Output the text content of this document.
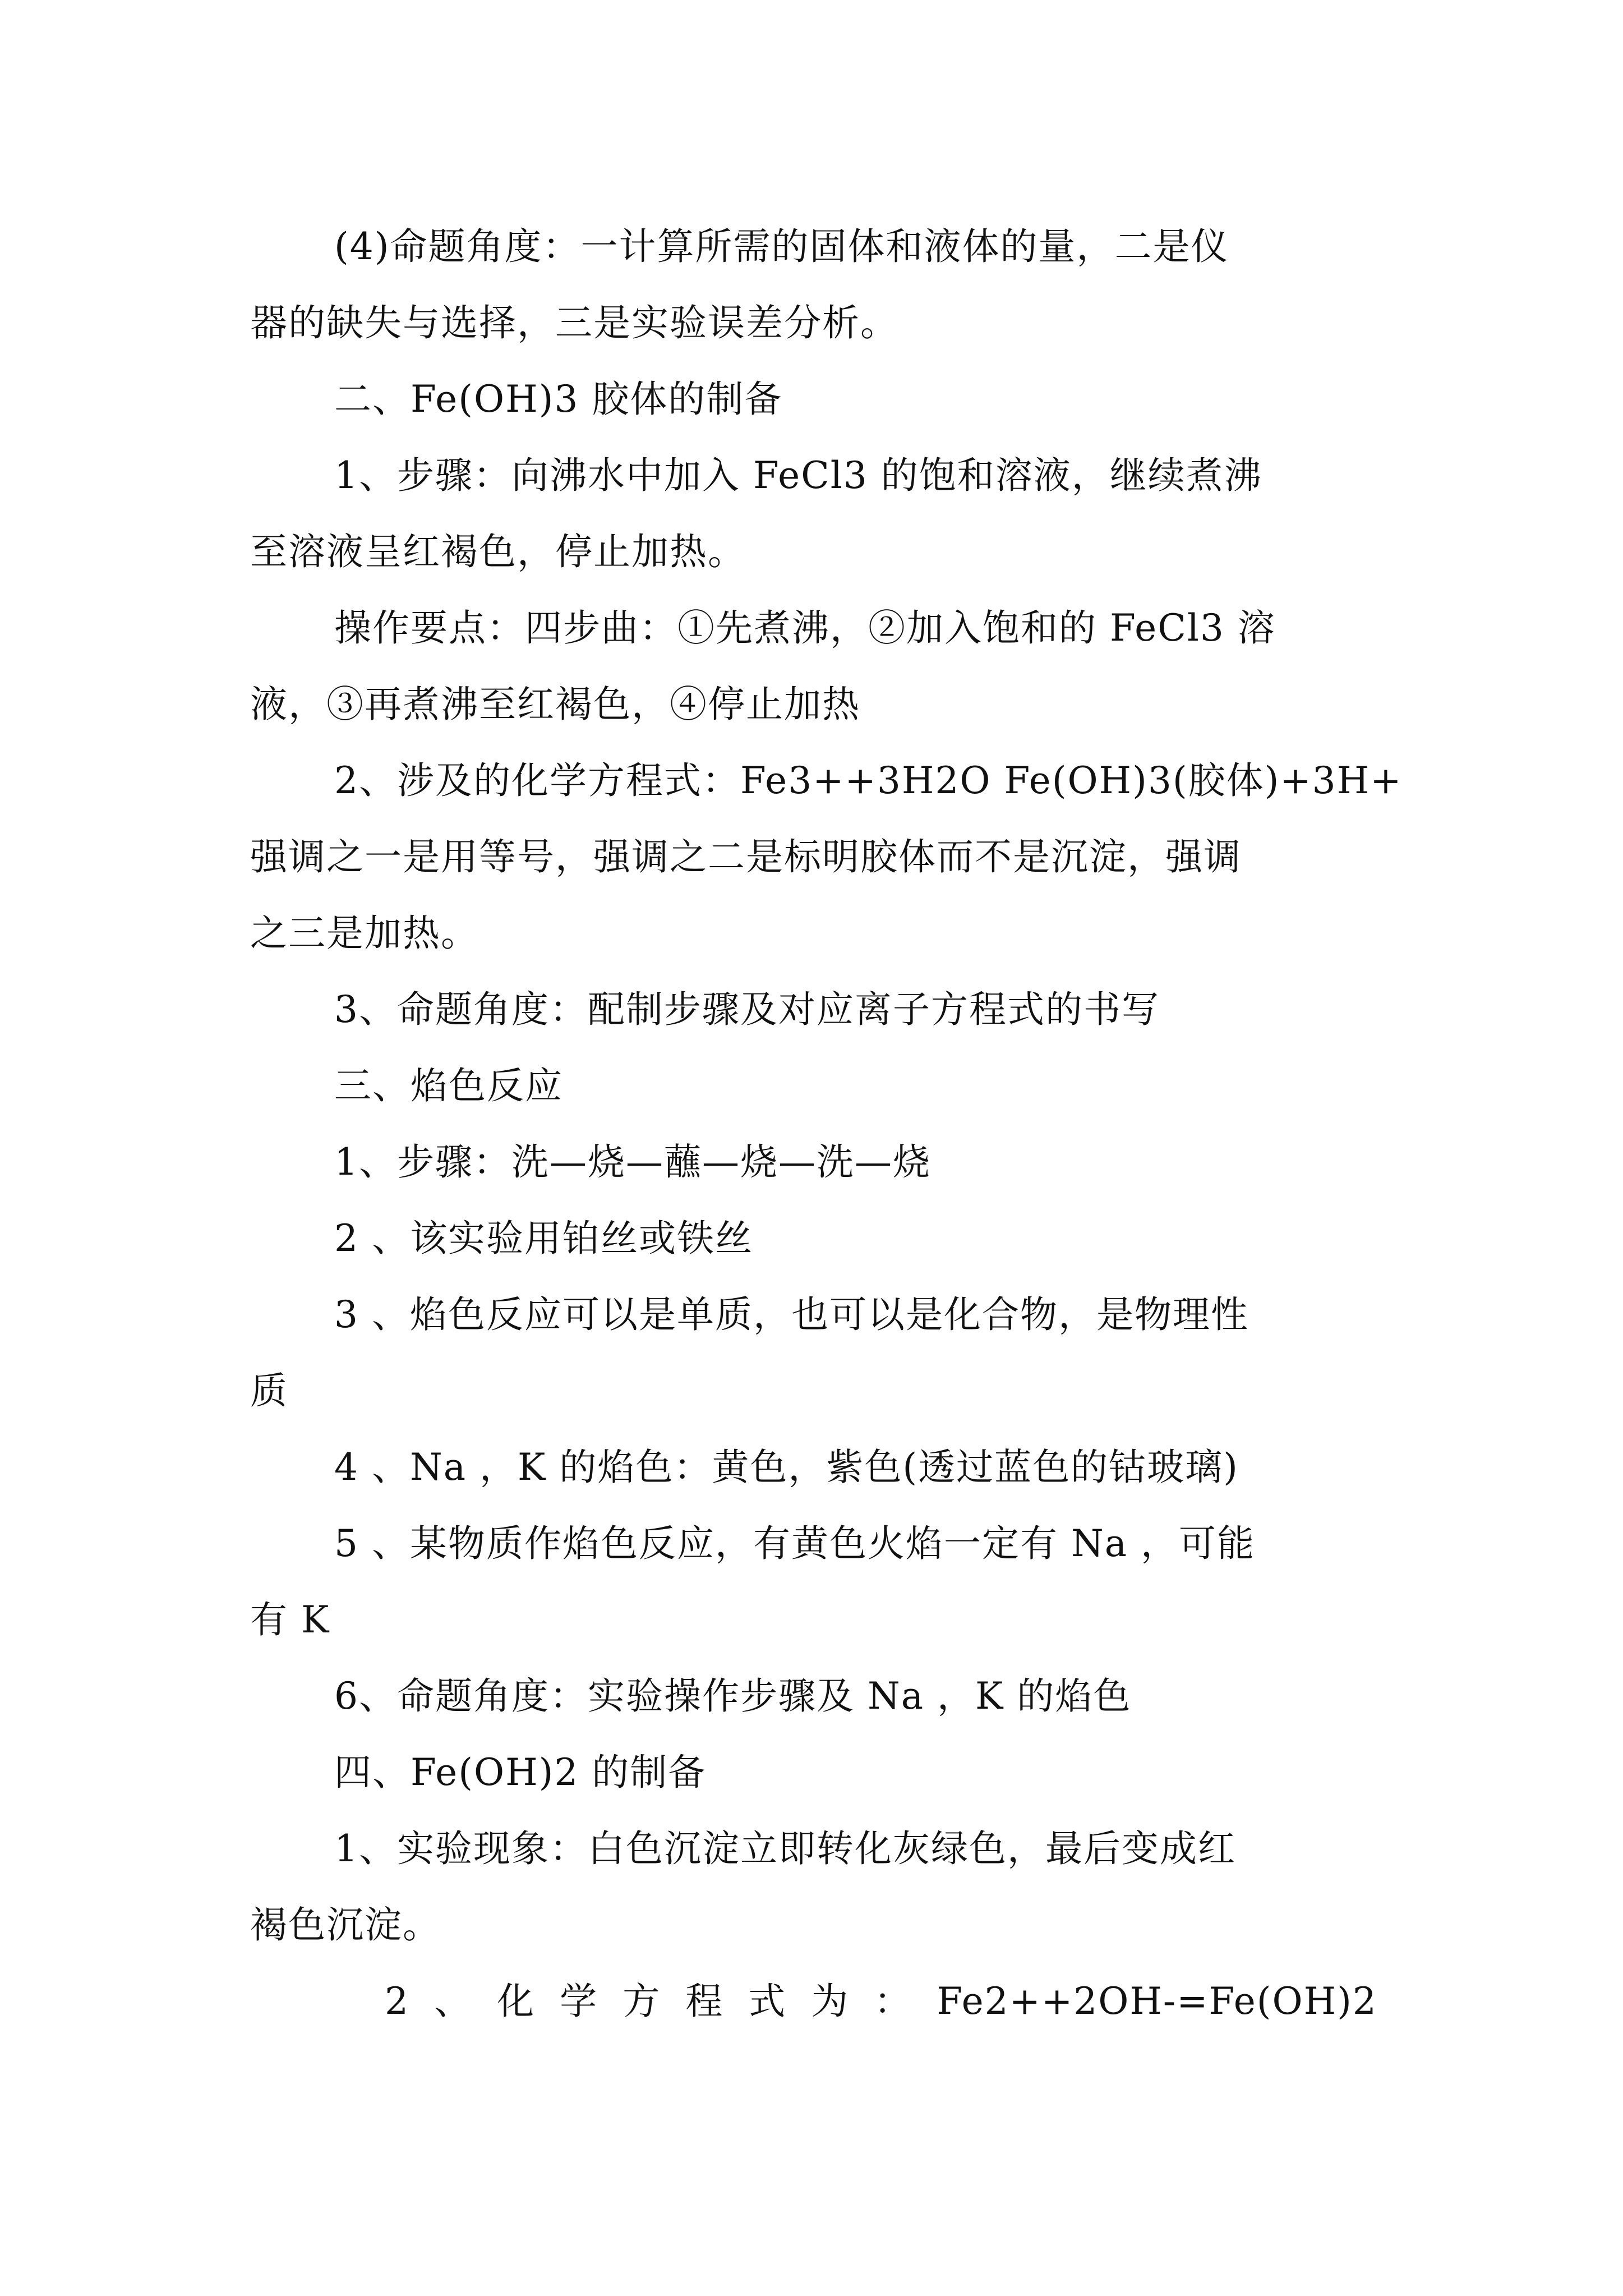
(4)命题角度：一计算所需的固体和液体的量，二是仪
器的缺失与选择，三是实验误差分析。
二、Fe(OH)3 胶体的制备
1、步骤：向沸水中加入 FeCl3 的饱和溶液，继续煮沸
至溶液呈红褐色，停止加热。
操作要点：四步曲：①先煮沸，②加入饱和的 FeCl3 溶
液，③再煮沸至红褐色，④停止加热
2、涉及的化学方程式：Fe3++3H2O Fe(OH)3(胶体)+3H+
强调之一是用等号，强调之二是标明胶体而不是沉淀，强调
之三是加热。
3、命题角度：配制步骤及对应离子方程式的书写
三、焰色反应
1、步骤：洗—烧—蘸—烧—洗—烧
2 、该实验用铂丝或铁丝
3 、焰色反应可以是单质，也可以是化合物，是物理性
质
4 、Na ，K 的焰色：黄色，紫色(透过蓝色的钴玻璃)
5 、某物质作焰色反应，有黄色火焰一定有 Na ，可能
有 K
6、命题角度：实验操作步骤及 Na ，K 的焰色
四、Fe(OH)2 的制备
1、实验现象：白色沉淀立即转化灰绿色，最后变成红
褐色沉淀。
2 、 化 学 方 程 式 为 ： Fe2++2OH-=Fe(OH)2
